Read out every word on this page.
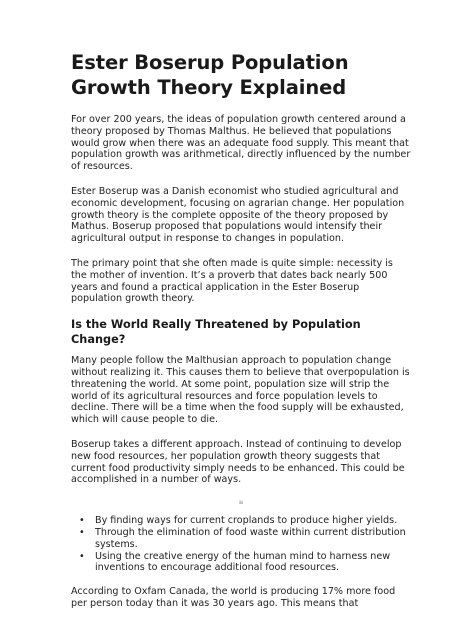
Ester Boserup Population Growth Theory Explained

For over 200 years, the ideas of population growth centered around a theory proposed by Thomas Malthus. He believed that populations would grow when there was an adequate food supply. This meant that population growth was arithmetical, directly influenced by the number of resources.

Ester Boserup was a Danish economist who studied agricultural and economic development, focusing on agrarian change. Her population growth theory is the complete opposite of the theory proposed by Mathus. Boserup proposed that populations would intensify their agricultural output in response to changes in population.

The primary point that she often made is quite simple: necessity is the mother of invention. It’s a proverb that dates back nearly 500 years and found a practical application in the Ester Boserup population growth theory.

Is the World Really Threatened by Population Change?

Many people follow the Malthusian approach to population change without realizing it. This causes them to believe that overpopulation is threatening the world. At some point, population size will strip the world of its agricultural resources and force population levels to decline. There will be a time when the food supply will be exhausted, which will cause people to die.

Boserup takes a different approach. Instead of continuing to develop new food resources, her population growth theory suggests that current food productivity simply needs to be enhanced. This could be accomplished in a number of ways.

≡
• By finding ways for current croplands to produce higher yields.
• Through the elimination of food waste within current distribution systems.
• Using the creative energy of the human mind to harness new inventions to encourage additional food resources.

According to Oxfam Canada, the world is producing 17% more food per person today than it was 30 years ago. This means that
